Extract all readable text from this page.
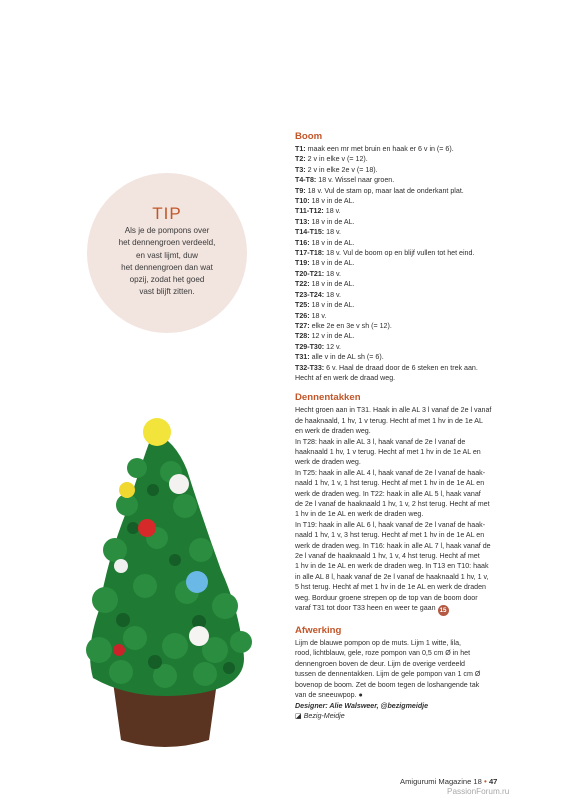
TIP
Als je de pompons over
het dennengroen verdeeld,
en vast lijmt, duw
het dennengroen dan wat
opzij, zodat het goed
vast blijft zitten.
Boom
T1: maak een mr met bruin en haak er 6 v in (= 6).
T2: 2 v in elke v (= 12).
T3: 2 v in elke 2e v (= 18).
T4-T8: 18 v. Wissel naar groen.
T9: 18 v. Vul de stam op, maar laat de onderkant plat.
T10: 18 v in de AL.
T11-T12: 18 v.
T13: 18 v in de AL.
T14-T15: 18 v.
T16: 18 v in de AL.
T17-T18: 18 v. Vul de boom op en blijf vullen tot het eind.
T19: 18 v in de AL.
T20-T21: 18 v.
T22: 18 v in de AL.
T23-T24: 18 v.
T25: 18 v in de AL.
T26: 18 v.
T27: elke 2e en 3e v sh (= 12).
T28: 12 v in de AL.
T29-T30: 12 v.
T31: alle v in de AL sh (= 6).
T32-T33: 6 v. Haal de draad door de 6 steken en trek aan.
Hecht af en werk de draad weg.
Dennentakken
Hecht groen aan in T31. Haak in alle AL 3 l vanaf de 2e l vanaf
de haaknaald, 1 hv, 1 v terug. Hecht af met 1 hv in de 1e AL
en werk de draden weg.
In T28: haak in alle AL 3 l, haak vanaf de 2e l vanaf de
haaknaald 1 hv, 1 v terug. Hecht af met 1 hv in de 1e AL en
werk de draden weg.
In T25: haak in alle AL 4 l, haak vanaf de 2e l vanaf de haak-
naald 1 hv, 1 v, 1 hst terug. Hecht af met 1 hv in de 1e AL en
werk de draden weg. In T22: haak in alle AL 5 l, haak vanaf
de 2e l vanaf de haaknaald 1 hv, 1 v, 2 hst terug. Hecht af met
1 hv in de 1e AL en werk de draden weg.
In T19: haak in alle AL 6 l, haak vanaf de 2e l vanaf de haak-
naald 1 hv, 1 v, 3 hst terug. Hecht af met 1 hv in de 1e AL en
werk de draden weg. In T16: haak in alle AL 7 l, haak vanaf de
2e l vanaf de haaknaald 1 hv, 1 v, 4 hst terug. Hecht af met
1 hv in de 1e AL en werk de draden weg. In T13 en T10: haak
in alle AL 8 l, haak vanaf de 2e l vanaf de haaknaald 1 hv, 1 v,
5 hst terug. Hecht af met 1 hv in de 1e AL en werk de draden
weg. Borduur groene strepen op de top van de boom door
varaf T31 tot door T33 heen en weer te gaan 15
Afwerking
Lijm de blauwe pompon op de muts. Lijm 1 witte, lila,
rood, lichtblauw, gele, roze pompon van 0,5 cm Ø in het
dennengroen boven de deur. Lijm de overige verdeeld
tussen de dennentakken. Lijm de gele pompon van 1 cm Ø
bovenop de boom. Zet de boom tegen de loshangende tak
van de sneeuwpop. ●
Designer: Alie Walsweer, @bezigmeidje
◪ Bezig-Meidje
Amigurumi Magazine 18 • 47
PassionForum.ru
